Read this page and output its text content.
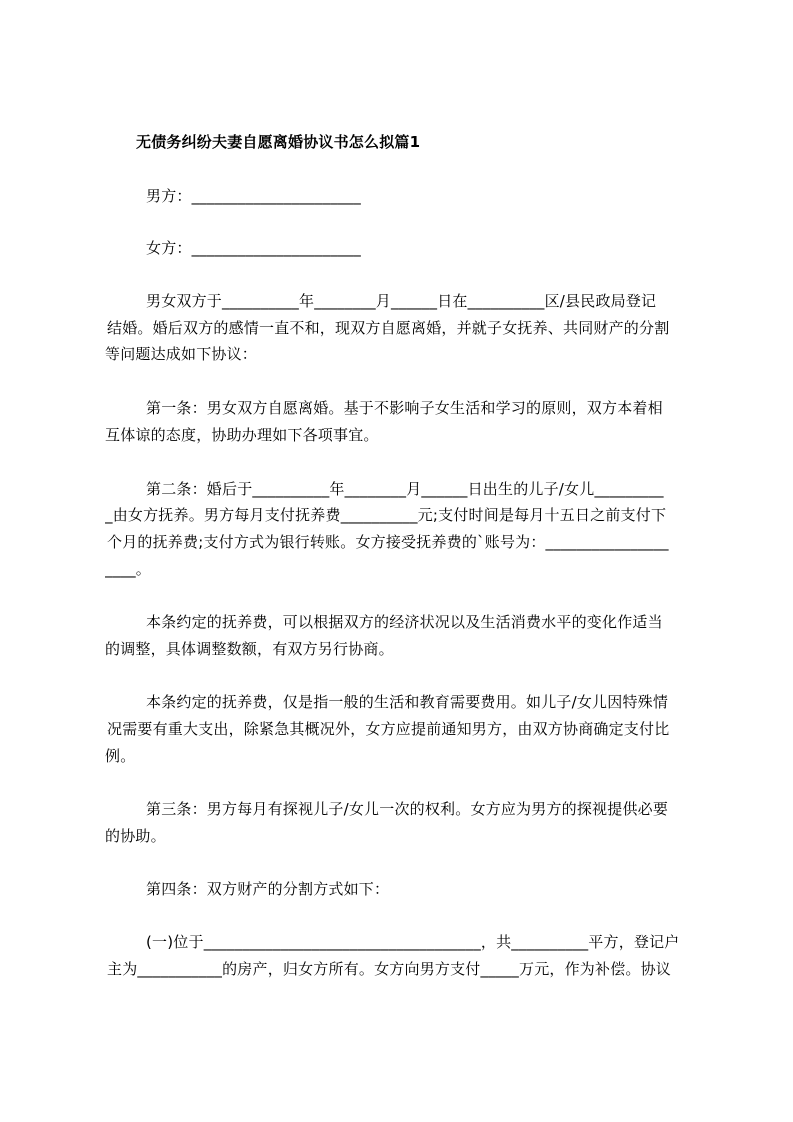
无债务纠纷夫妻自愿离婚协议书怎么拟篇1
男方：______________________
女方：______________________
男女双方于__________年________月______日在__________区/县民政局登记
结婚。婚后双方的感情一直不和，现双方自愿离婚，并就子女抚养、共同财产的分割
等问题达成如下协议：
第一条：男女双方自愿离婚。基于不影响子女生活和学习的原则，双方本着相
互体谅的态度，协助办理如下各项事宜。
第二条：婚后于__________年________月______日出生的儿子/女儿_________
_由女方抚养。男方每月支付抚养费__________元;支付时间是每月十五日之前支付下
个月的抚养费;支付方式为银行转账。女方接受抚养费的`账号为：________________
____。
本条约定的抚养费，可以根据双方的经济状况以及生活消费水平的变化作适当
的调整，具体调整数额，有双方另行协商。
本条约定的抚养费，仅是指一般的生活和教育需要费用。如儿子/女儿因特殊情
况需要有重大支出，除紧急其概况外，女方应提前通知男方，由双方协商确定支付比
例。
第三条：男方每月有探视儿子/女儿一次的权利。女方应为男方的探视提供必要
的协助。
第四条：双方财产的分割方式如下：
(一)位于____________________________________，共__________平方，登记户
主为___________的房产，归女方所有。女方向男方支付_____万元，作为补偿。协议
